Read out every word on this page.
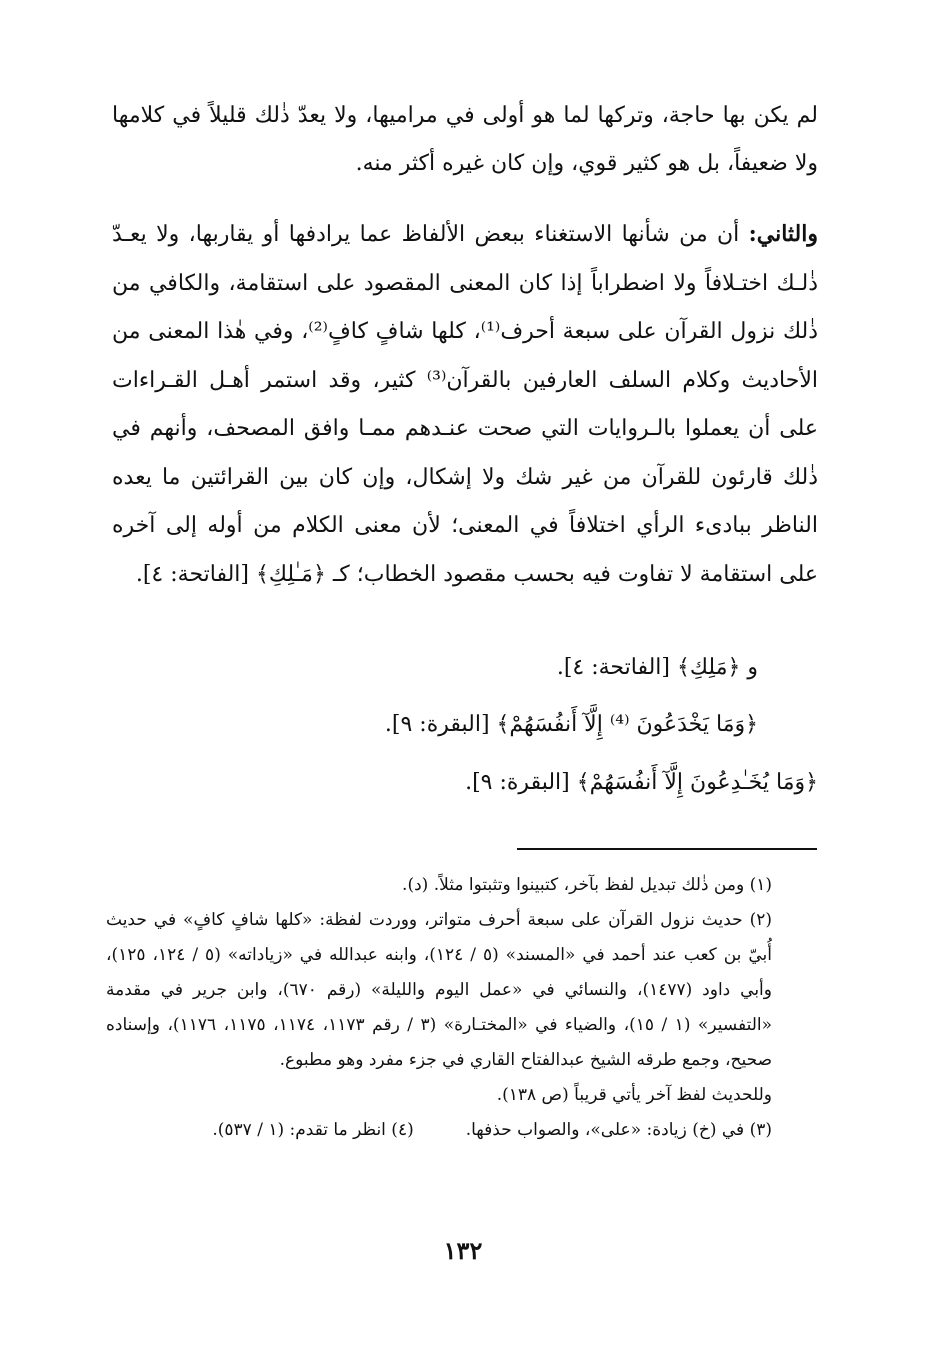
لم يكن بها حاجة، وتركها لما هو أولى في مراميها، ولا يعدّ ذٰلك قليلاً في كلامها ولا ضعيفاً، بل هو كثير قوي، وإن كان غيره أكثر منه.

والثاني: أن من شأنها الاستغناء ببعض الألفاظ عما يرادفها أو يقاربها، ولا يعـدّ ذٰلـك اختـلافاً ولا اضطراباً إذا كان المعنى المقصود على استقامة، والكافي من ذٰلك نزول القرآن على سبعة أحرف⁽¹⁾، كلها شافٍ كافٍ⁽²⁾، وفي هٰذا المعنى من الأحاديث وكلام السلف العارفين بالقرآن⁽³⁾ كثير، وقد استمر أهـل القـراءات على أن يعملوا بالـروايات التي صحت عنـدهم ممـا وافق المصحف، وأنهم في ذٰلك قارئون للقرآن من غير شك ولا إشكال، وإن كان بين القرائتين ما يعده الناظر ببادىء الرأي اختلافاً في المعنى؛ لأن معنى الكلام من أوله إلى آخره على استقامة لا تفاوت فيه بحسب مقصود الخطاب؛ كـ ﴿مَـٰلِكِ﴾ [الفاتحة: ٤].

و ﴿مَلِكِ﴾ [الفاتحة: ٤].
﴿وَمَا يَخْدَعُونَ ⁽⁴⁾ إِلَّآ أَنفُسَهُمْ﴾ [البقرة: ٩].
﴿وَمَا يُخَـٰدِعُونَ إِلَّآ أَنفُسَهُمْ﴾ [البقرة: ٩].

(١) ومن ذٰلك تبديل لفظ بآخر، كتبينوا وتثبتوا مثلاً. (د).

(٢) حديث نزول القرآن على سبعة أحرف متواتر، ووردت لفظة: «كلها شافٍ كافٍ» في حديث أُبيّ بن كعب عند أحمد في «المسند» (٥ / ١٢٤)، وابنه عبدالله في «زياداته» (٥ / ١٢٤، ١٢٥)، وأبي داود (١٤٧٧)، والنسائي في «عمل اليوم والليلة» (رقم ٦٧٠)، وابن جرير في مقدمة «التفسير» (١ / ١٥)، والضياء في «المختـارة» (٣ / رقم ١١٧٣، ١١٧٤، ١١٧٥، ١١٧٦)، وإسناده صحيح، وجمع طرقه الشيخ عبدالفتاح القاري في جزء مفرد وهو مطبوع.

وللحديث لفظ آخر يأتي قريباً (ص ١٣٨).

(٣) في (خ) زيادة: «على»، والصواب حذفها.
(٤) انظر ما تقدم: (١ / ٥٣٧).
١٣٢
